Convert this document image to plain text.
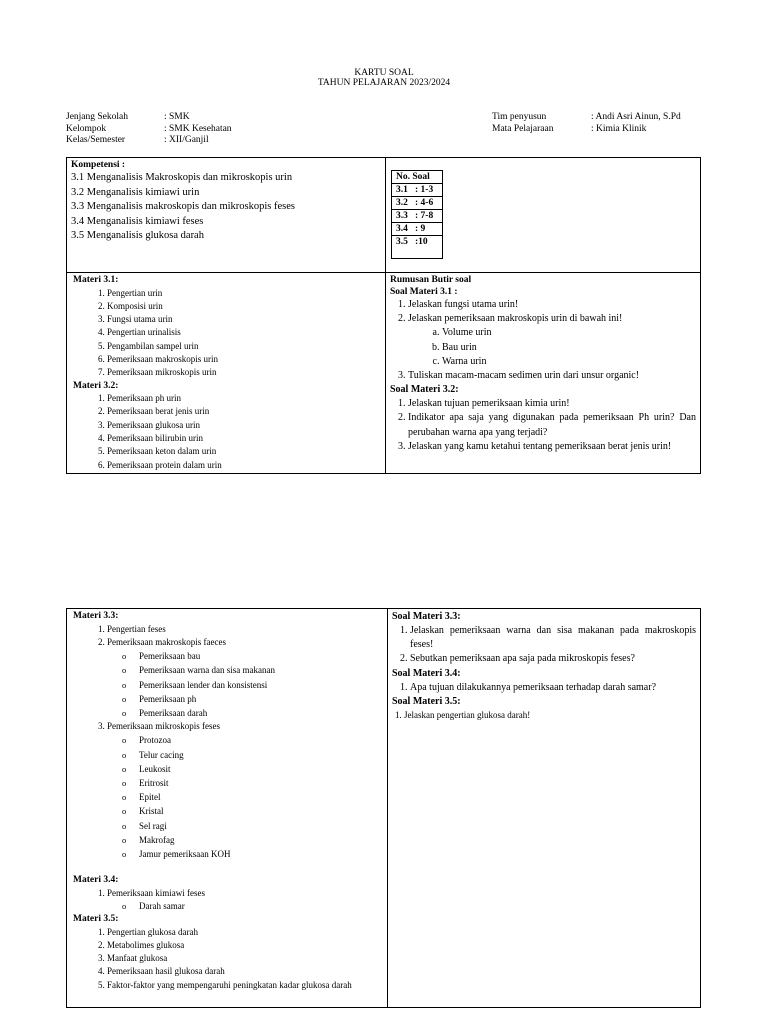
KARTU SOAL
TAHUN PELAJARAN 2023/2024
Jenjang Sekolah	: SMK
Kelompok	: SMK Kesehatan
Kelas/Semester	: XII/Ganjil
Tim penyusun	: Andi Asri Ainun, S.Pd
Mata Pelajaraan	: Kimia Klinik
Kompetensi :
3.1 Menganalisis Makroskopis dan mikroskopis urin
3.2 Menganalisis kimiawi urin
3.3 Menganalisis makroskopis dan mikroskopis feses
3.4 Menganalisis kimiawi feses
3.5 Menganalisis glukosa darah

No. Soal
3.1   : 1-3
3.2   : 4-6
3.3   : 7-8
3.4   : 9
3.5   :10

Materi 3.1:
1. Pengertian urin
2. Komposisi urin
3. Fungsi utama urin
4. Pengertian urinalisis
5. Pengambilan sampel urin
6. Pemeriksaan makroskopis urin
7. Pemeriksaan mikroskopis urin
Materi 3.2:
1. Pemeriksaan ph urin
2. Pemeriksaan berat jenis urin
3. Pemeriksaan glukosa urin
4. Pemeriksaan bilirubin urin
5. Pemeriksaan keton dalam urin
6. Pemeriksaan protein dalam urin

Rumusan Butir soal
Soal Materi 3.1 :
1. Jelaskan fungsi utama urin!
2. Jelaskan pemeriksaan makroskopis urin di bawah ini!
a. Volume urin
b. Bau urin
c. Warna urin
3. Tuliskan macam-macam sedimen urin dari unsur organic!
Soal Materi 3.2:
1. Jelaskan tujuan pemeriksaan kimia urin!
2. Indikator apa saja yang digunakan pada pemeriksaan Ph urin? Dan perubahan warna apa yang terjadi?
3. Jelaskan yang kamu ketahui tentang pemeriksaan berat jenis urin!
Materi 3.3:
1. Pengertian feses
2. Pemeriksaan makroskopis faeces
o Pemeriksaan bau
o Pemeriksaan warna dan sisa makanan
o Pemeriksaan lender dan konsistensi
o Pemeriksaan ph
o Pemeriksaan darah
3. Pemeriksaan mikroskopis feses
o Protozoa
o Telur cacing
o Leukosit
o Eritrosit
o Epitel
o Kristal
o Sel ragi
o Makrofag
o Jamur pemeriksaan KOH
Materi 3.4:
1. Pemeriksaan kimiawi feses
o Darah samar
Materi 3.5:
1. Pengertian glukosa darah
2. Metabolimes glukosa
3. Manfaat glukosa
4. Pemeriksaan hasil glukosa darah
5. Faktor-faktor yang mempengaruhi peningkatan kadar glukosa darah

Soal Materi 3.3:
1. Jelaskan pemeriksaan warna dan sisa makanan pada makroskopis feses!
2. Sebutkan pemeriksaan apa saja pada mikroskopis feses?
Soal Materi 3.4:
1. Apa tujuan dilakukannya pemeriksaan terhadap darah samar?
Soal Materi 3.5:
1. Jelaskan pengertian glukosa darah!
